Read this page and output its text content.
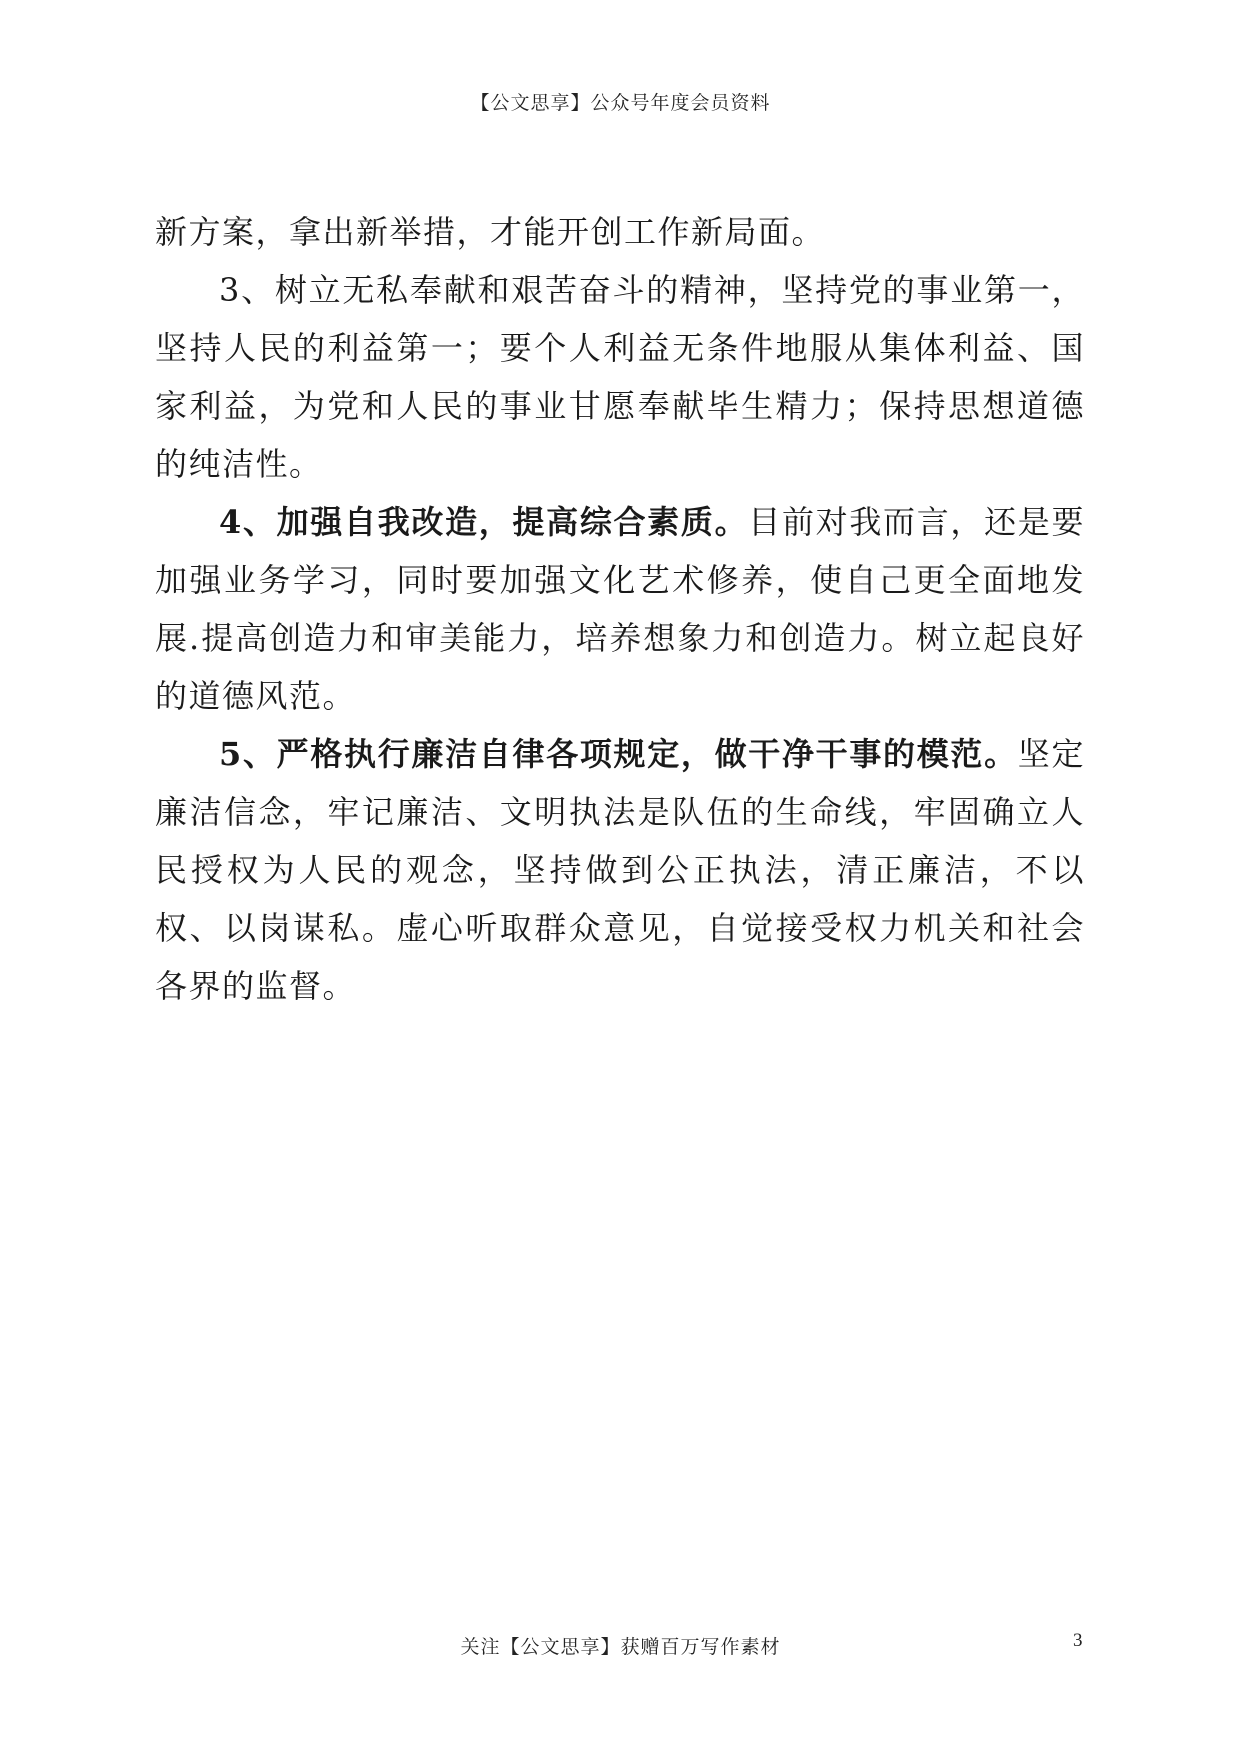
【公文思享】公众号年度会员资料

新方案，拿出新举措，才能开创工作新局面。

3、树立无私奉献和艰苦奋斗的精神，坚持党的事业第一，坚持人民的利益第一；要个人利益无条件地服从集体利益、国家利益，为党和人民的事业甘愿奉献毕生精力；保持思想道德的纯洁性。

4、加强自我改造，提高综合素质。目前对我而言，还是要加强业务学习，同时要加强文化艺术修养，使自己更全面地发展.提高创造力和审美能力，培养想象力和创造力。树立起良好的道德风范。

5、严格执行廉洁自律各项规定，做干净干事的模范。坚定廉洁信念，牢记廉洁、文明执法是队伍的生命线，牢固确立人民授权为人民的观念，坚持做到公正执法，清正廉洁，不以权、以岗谋私。虚心听取群众意见，自觉接受权力机关和社会各界的监督。

关注【公文思享】获赠百万写作素材	3
